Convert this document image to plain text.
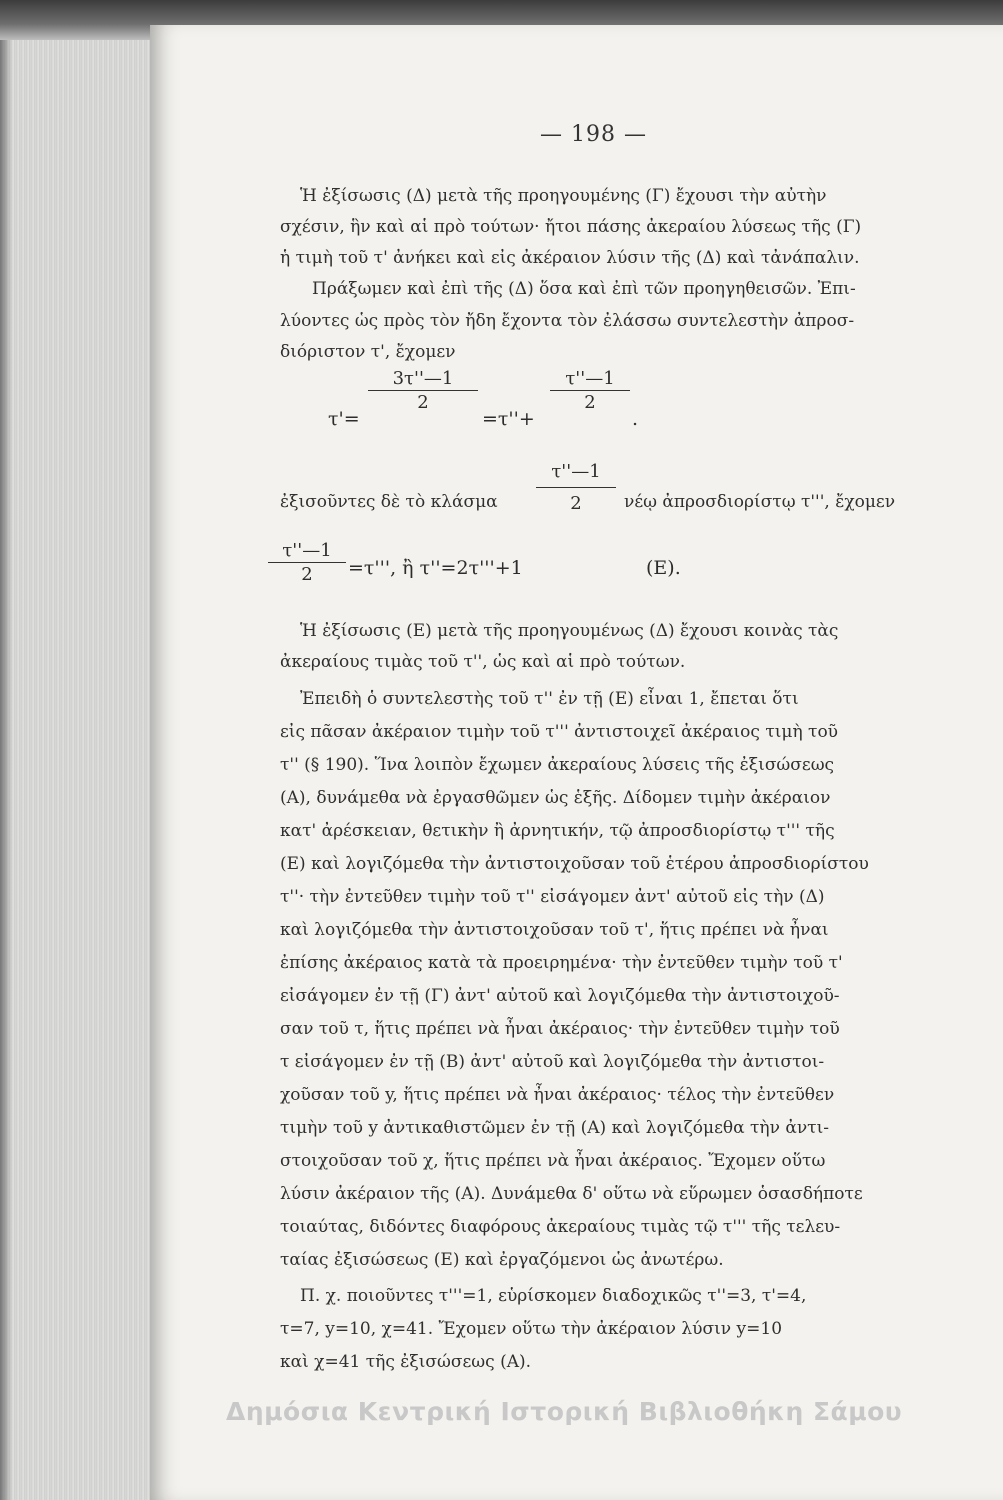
— 198 —
Ἡ ἐξίσωσις (Δ) μετὰ τῆς προηγουμένης (Γ) ἔχουσι τὴν αὐτὴν
σχέσιν, ἣν καὶ αἱ πρὸ τούτων· ἤτοι πάσης ἀκεραίου λύσεως τῆς (Γ)
ἡ τιμὴ τοῦ τ' ἀνήκει καὶ εἰς ἀκέραιον λύσιν τῆς (Δ) καὶ τἀνάπαλιν.
Πράξωμεν καὶ ἐπὶ τῆς (Δ) ὅσα καὶ ἐπὶ τῶν προηγηθεισῶν. Ἐπι-
λύοντες ὡς πρὸς τὸν ἤδη ἔχοντα τὸν ἐλάσσω συντελεστὴν ἀπροσ-
διόριστον τ', ἔχομεν
τ'=
3τ''—1
2
=τ''+
τ''—1
2
.
ἐξισοῦντες δὲ τὸ κλάσμα
τ''—1
2	νέῳ ἀπροσδιορίστῳ τ''', ἔχομεν
τ''—1
2	=τ''', ἢ τ''=2τ'''+1	(Ε).
Ἡ ἐξίσωσις (Ε) μετὰ τῆς προηγουμένως (Δ) ἔχουσι κοινὰς τὰς
ἀκεραίους τιμὰς τοῦ τ'', ὡς καὶ αἱ πρὸ τούτων.
Ἐπειδὴ ὁ συντελεστὴς τοῦ τ'' ἐν τῇ (Ε) εἶναι 1, ἔπεται ὅτι
εἰς πᾶσαν ἀκέραιον τιμὴν τοῦ τ''' ἀντιστοιχεῖ ἀκέραιος τιμὴ τοῦ
τ'' (§ 190). Ἵνα λοιπὸν ἔχωμεν ἀκεραίους λύσεις τῆς ἐξισώσεως
(Α), δυνάμεθα νὰ ἐργασθῶμεν ὡς ἑξῆς. Δίδομεν τιμὴν ἀκέραιον
κατ' ἀρέσκειαν, θετικὴν ἢ ἀρνητικήν, τῷ ἀπροσδιορίστῳ τ''' τῆς
(Ε) καὶ λογιζόμεθα τὴν ἀντιστοιχοῦσαν τοῦ ἑτέρου ἀπροσδιορίστου
τ''· τὴν ἐντεῦθεν τιμὴν τοῦ τ'' εἰσάγομεν ἀντ' αὐτοῦ εἰς τὴν (Δ)
καὶ λογιζόμεθα τὴν ἀντιστοιχοῦσαν τοῦ τ', ἥτις πρέπει νὰ ἦναι
ἐπίσης ἀκέραιος κατὰ τὰ προειρημένα· τὴν ἐντεῦθεν τιμὴν τοῦ τ'
εἰσάγομεν ἐν τῇ (Γ) ἀντ' αὐτοῦ καὶ λογιζόμεθα τὴν ἀντιστοιχοῦ-
σαν τοῦ τ, ἥτις πρέπει νὰ ἦναι ἀκέραιος· τὴν ἐντεῦθεν τιμὴν τοῦ
τ εἰσάγομεν ἐν τῇ (Β) ἀντ' αὐτοῦ καὶ λογιζόμεθα τὴν ἀντιστοι-
χοῦσαν τοῦ y, ἥτις πρέπει νὰ ἦναι ἀκέραιος· τέλος τὴν ἐντεῦθεν
τιμὴν τοῦ y ἀντικαθιστῶμεν ἐν τῇ (Α) καὶ λογιζόμεθα τὴν ἀντι-
στοιχοῦσαν τοῦ χ, ἥτις πρέπει νὰ ἦναι ἀκέραιος. Ἔχομεν οὕτω
λύσιν ἀκέραιον τῆς (Α). Δυνάμεθα δ' οὕτω νὰ εὕρωμεν ὁσασδήποτε
τοιαύτας, διδόντες διαφόρους ἀκεραίους τιμὰς τῷ τ''' τῆς τελευ-
ταίας ἐξισώσεως (Ε) καὶ ἐργαζόμενοι ὡς ἀνωτέρω.
Π. χ. ποιοῦντες τ'''=1, εὑρίσκομεν διαδοχικῶς τ''=3, τ'=4,
τ=7, y=10, χ=41. Ἔχομεν οὕτω τὴν ἀκέραιον λύσιν y=10
καὶ χ=41 τῆς ἐξισώσεως (Α).
Δημόσια Κεντρική Ιστορική Βιβλιοθήκη Σάμου
